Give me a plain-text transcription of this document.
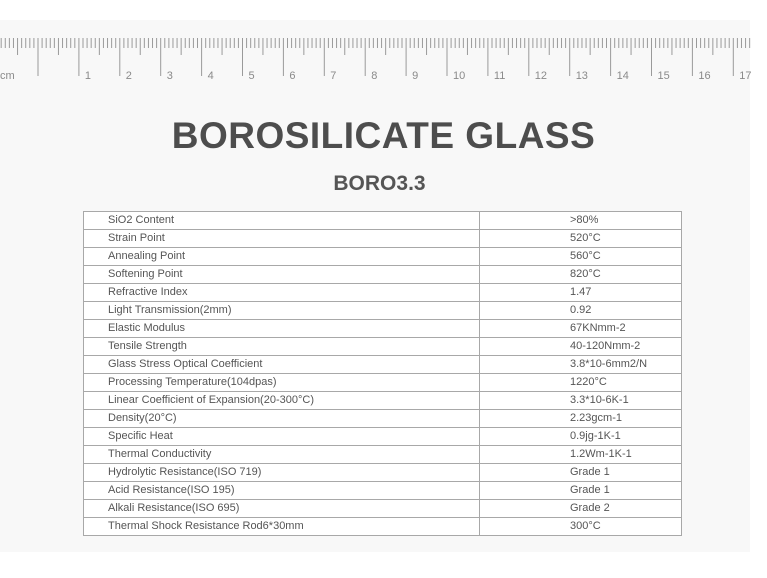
cm	1	2	3	4	5	6	7	8	9	10	11	12	13	14	15	16	17
BOROSILICATE GLASS
BORO3.3
SiO2 Content	>80%
Strain Point	520°C
Annealing Point	560°C
Softening Point	820°C
Refractive Index	1.47
Light Transmission(2mm)	0.92
Elastic Modulus	67KNmm-2
Tensile Strength	40-120Nmm-2
Glass Stress Optical Coefficient	3.8*10-6mm2/N
Processing Temperature(104dpas)	1220°C
Linear Coefficient of Expansion(20-300°C)	3.3*10-6K-1
Density(20°C)	2.23gcm-1
Specific Heat	0.9jg-1K-1
Thermal Conductivity	1.2Wm-1K-1
Hydrolytic Resistance(ISO 719)	Grade 1
Acid Resistance(ISO 195)	Grade 1
Alkali Resistance(ISO 695)	Grade 2
Thermal Shock Resistance Rod6*30mm	300°C
